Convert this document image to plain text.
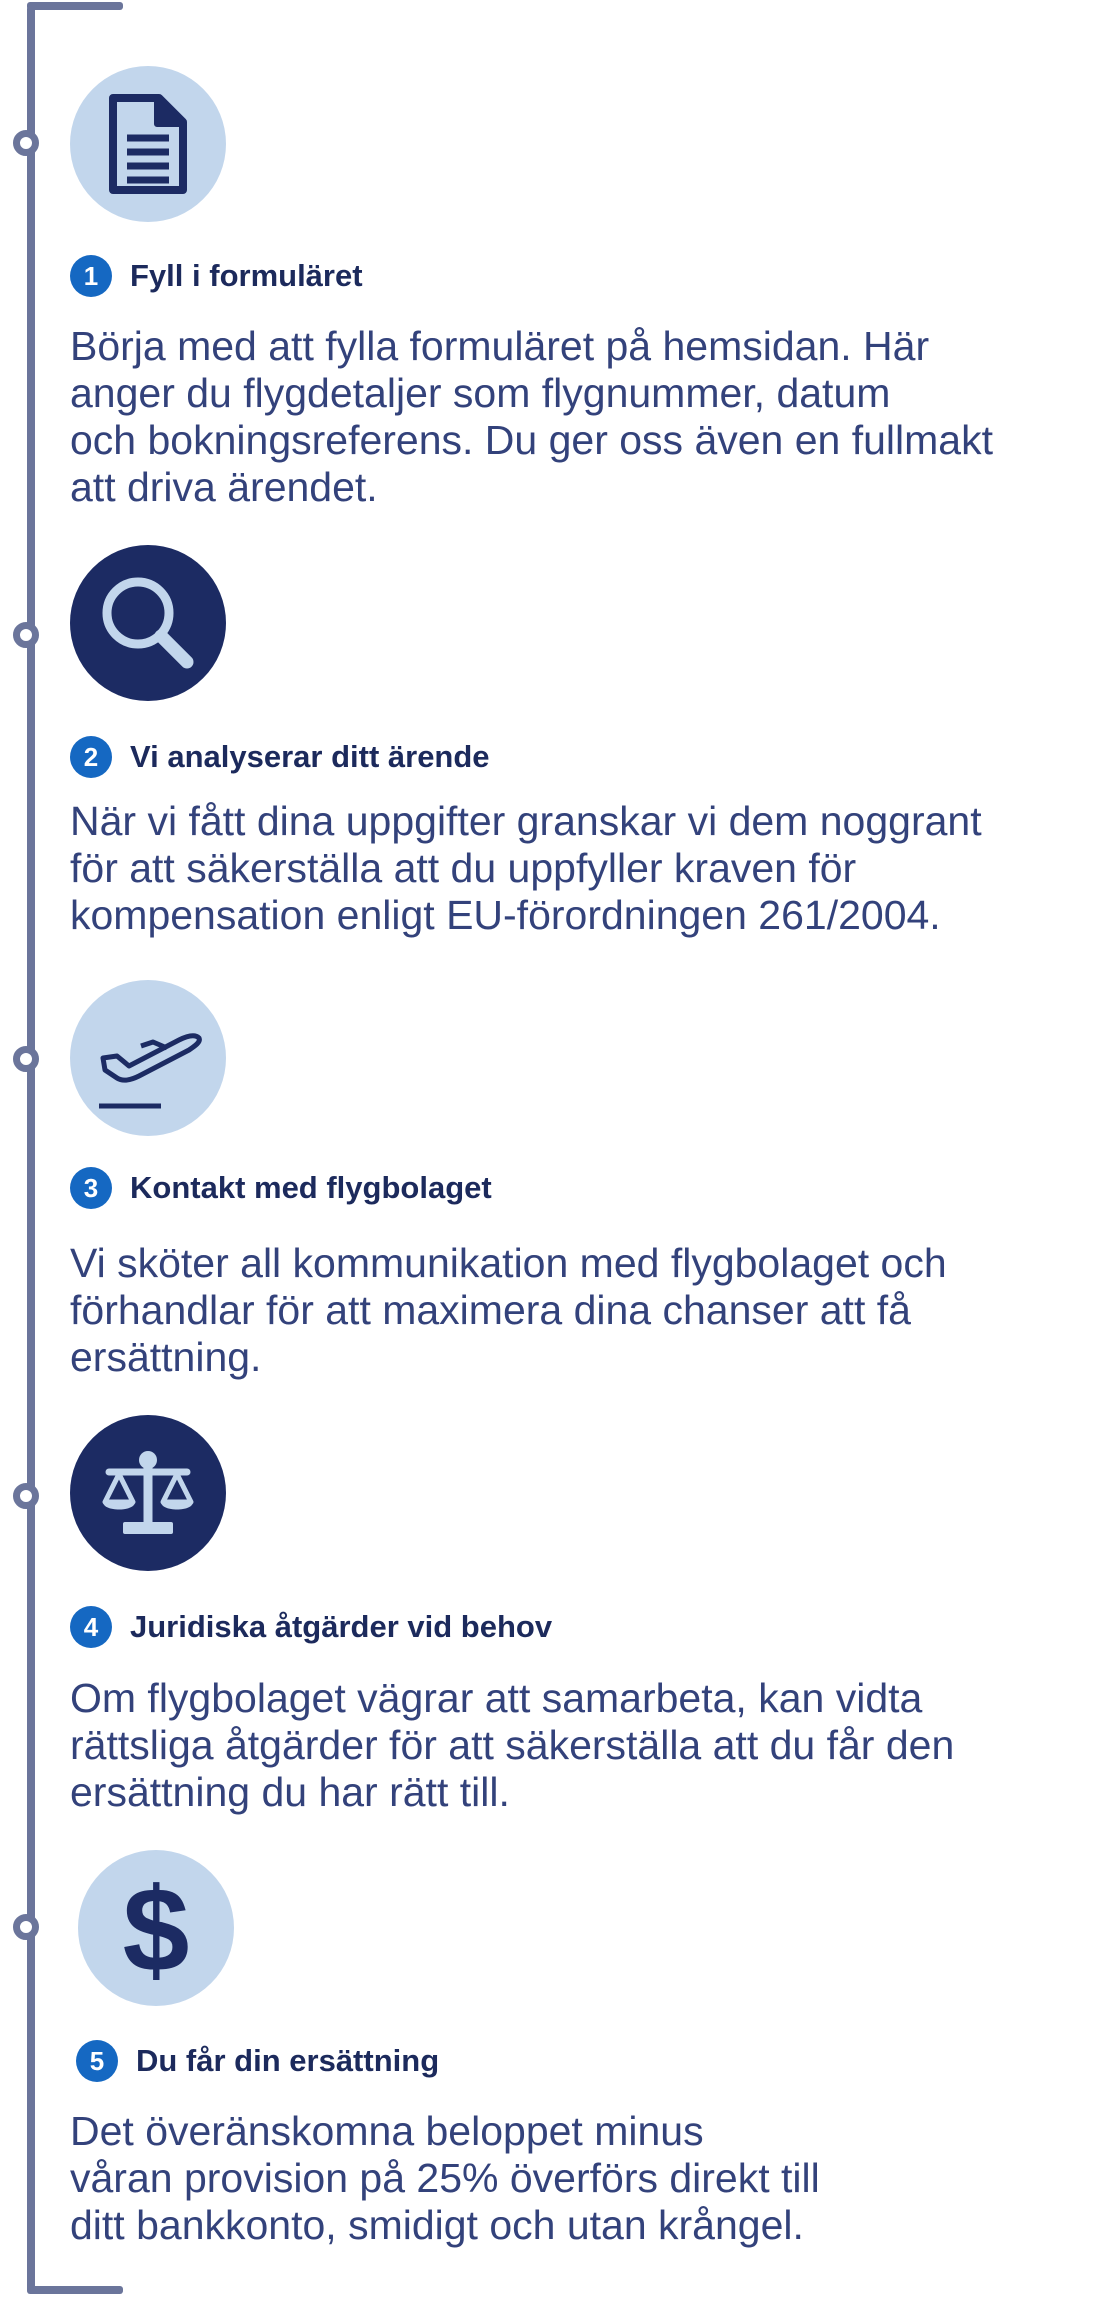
1	Fyll i formuläret

Börja med att fylla formuläret på hemsidan. Här
anger du flygdetaljer som flygnummer, datum
och bokningsreferens. Du ger oss även en fullmakt
att driva ärendet.

2	Vi analyserar ditt ärende

När vi fått dina uppgifter granskar vi dem noggrant
för att säkerställa att du uppfyller kraven för
kompensation enligt EU-förordningen 261/2004.

3	Kontakt med flygbolaget

Vi sköter all kommunikation med flygbolaget och
förhandlar för att maximera dina chanser att få
ersättning.

4	Juridiska åtgärder vid behov

Om flygbolaget vägrar att samarbeta, kan vidta
rättsliga åtgärder för att säkerställa att du får den
ersättning du har rätt till.

$
5	Du får din ersättning

Det överänskomna beloppet minus
våran provision på 25% överförs direkt till
ditt bankkonto, smidigt och utan krångel.
